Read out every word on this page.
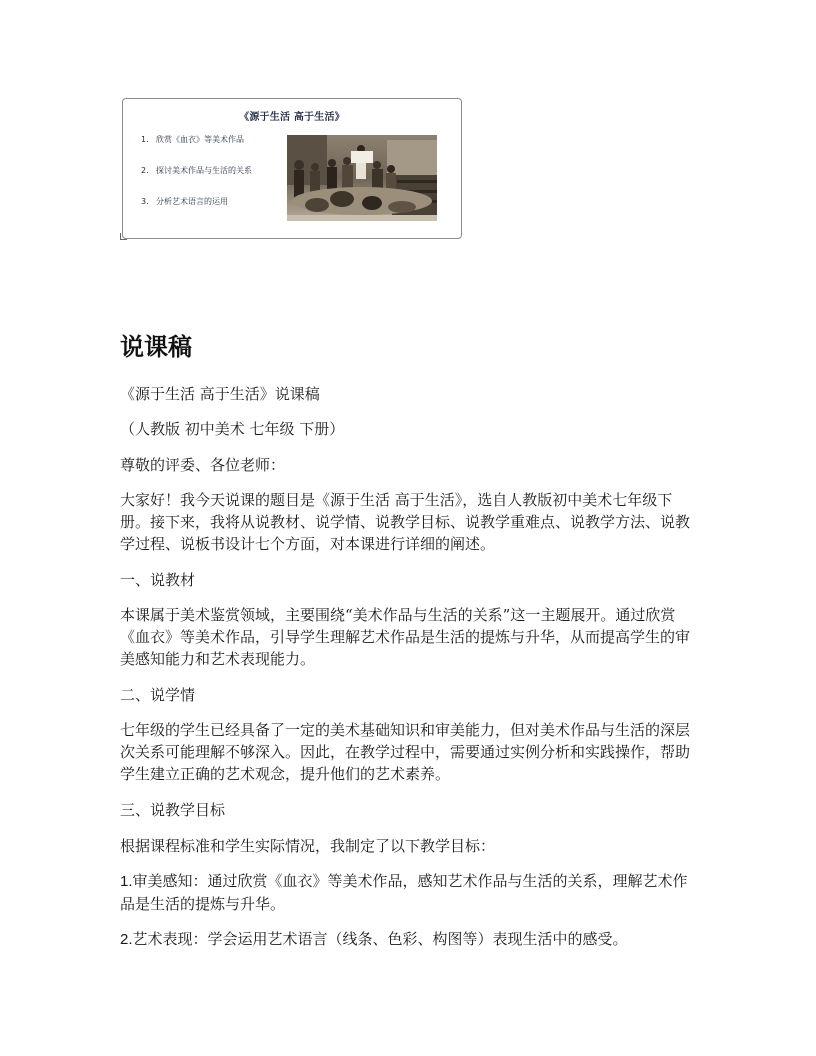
《源于生活 高于生活》
1. 欣赏《血衣》等美术作品
2. 探讨美术作品与生活的关系
3. 分析艺术语言的运用
说课稿

《源于生活 高于生活》说课稿

（人教版 初中美术 七年级 下册）

尊敬的评委、各位老师：

大家好！我今天说课的题目是《源于生活 高于生活》，选自人教版初中美术七年级下册。接下来，我将从说教材、说学情、说教学目标、说教学重难点、说教学方法、说教学过程、说板书设计七个方面，对本课进行详细的阐述。

一、说教材

本课属于美术鉴赏领域，主要围绕“美术作品与生活的关系”这一主题展开。通过欣赏《血衣》等美术作品，引导学生理解艺术作品是生活的提炼与升华，从而提高学生的审美感知能力和艺术表现能力。

二、说学情

七年级的学生已经具备了一定的美术基础知识和审美能力，但对美术作品与生活的深层次关系可能理解不够深入。因此，在教学过程中，需要通过实例分析和实践操作，帮助学生建立正确的艺术观念，提升他们的艺术素养。

三、说教学目标

根据课程标准和学生实际情况，我制定了以下教学目标：

1.审美感知：通过欣赏《血衣》等美术作品，感知艺术作品与生活的关系，理解艺术作品是生活的提炼与升华。

2.艺术表现：学会运用艺术语言（线条、色彩、构图等）表现生活中的感受。
